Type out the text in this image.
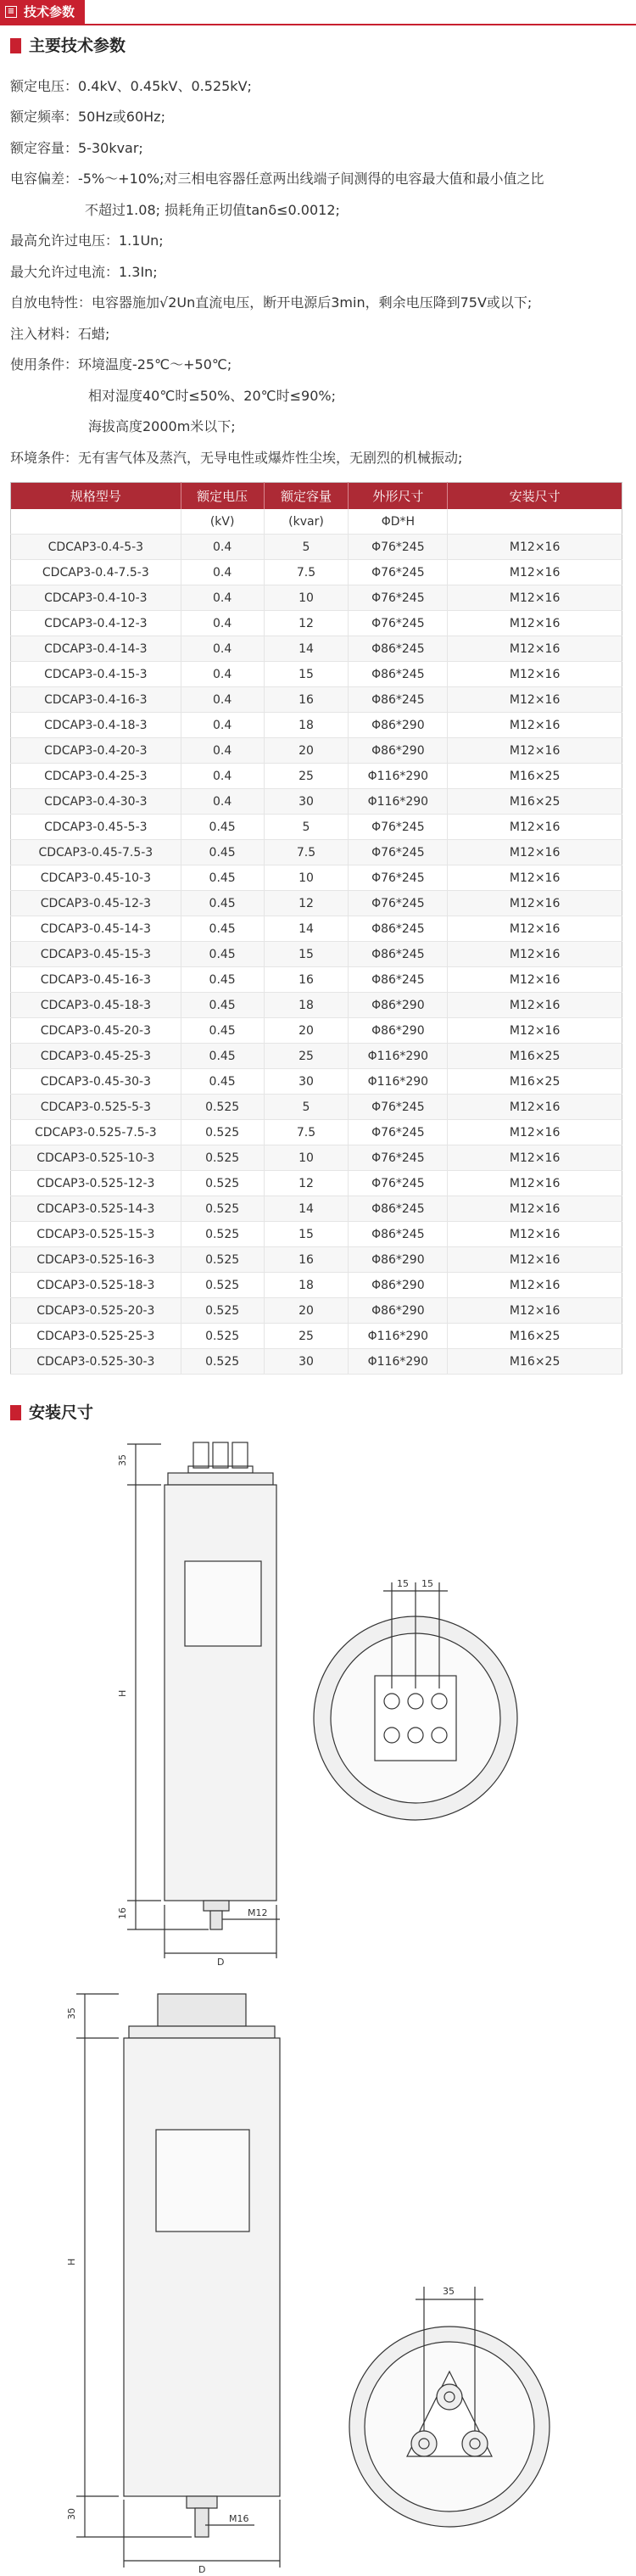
≡ 技术参数
主要技术参数
额定电压：0.4kV、0.45kV、0.525kV;
额定频率：50Hz或60Hz;
额定容量：5-30kvar;
电容偏差：-5%～+10%;对三相电容器任意两出线端子间测得的电容最大值和最小值之比
不超过1.08; 损耗角正切值tanδ≤0.0012;
最高允许过电压：1.1Un;
最大允许过电流：1.3In;
自放电特性：电容器施加√2Un直流电压，断开电源后3min，剩余电压降到75V或以下;
注入材料：石蜡;
使用条件：环境温度-25℃～+50℃;
相对湿度40℃时≤50%、20℃时≤90%;
海拔高度2000m米以下;
环境条件：无有害气体及蒸汽，无导电性或爆炸性尘埃，无剧烈的机械振动;
规格型号	额定电压	额定容量	外形尺寸	安装尺寸
	(kV)	(kvar)	ΦD*H	
CDCAP3-0.4-5-3	0.4	5	Φ76*245	M12×16
CDCAP3-0.4-7.5-3	0.4	7.5	Φ76*245	M12×16
CDCAP3-0.4-10-3	0.4	10	Φ76*245	M12×16
CDCAP3-0.4-12-3	0.4	12	Φ76*245	M12×16
CDCAP3-0.4-14-3	0.4	14	Φ86*245	M12×16
CDCAP3-0.4-15-3	0.4	15	Φ86*245	M12×16
CDCAP3-0.4-16-3	0.4	16	Φ86*245	M12×16
CDCAP3-0.4-18-3	0.4	18	Φ86*290	M12×16
CDCAP3-0.4-20-3	0.4	20	Φ86*290	M12×16
CDCAP3-0.4-25-3	0.4	25	Φ116*290	M16×25
CDCAP3-0.4-30-3	0.4	30	Φ116*290	M16×25
CDCAP3-0.45-5-3	0.45	5	Φ76*245	M12×16
CDCAP3-0.45-7.5-3	0.45	7.5	Φ76*245	M12×16
CDCAP3-0.45-10-3	0.45	10	Φ76*245	M12×16
CDCAP3-0.45-12-3	0.45	12	Φ76*245	M12×16
CDCAP3-0.45-14-3	0.45	14	Φ86*245	M12×16
CDCAP3-0.45-15-3	0.45	15	Φ86*245	M12×16
CDCAP3-0.45-16-3	0.45	16	Φ86*245	M12×16
CDCAP3-0.45-18-3	0.45	18	Φ86*290	M12×16
CDCAP3-0.45-20-3	0.45	20	Φ86*290	M12×16
CDCAP3-0.45-25-3	0.45	25	Φ116*290	M16×25
CDCAP3-0.45-30-3	0.45	30	Φ116*290	M16×25
CDCAP3-0.525-5-3	0.525	5	Φ76*245	M12×16
CDCAP3-0.525-7.5-3	0.525	7.5	Φ76*245	M12×16
CDCAP3-0.525-10-3	0.525	10	Φ76*245	M12×16
CDCAP3-0.525-12-3	0.525	12	Φ76*245	M12×16
CDCAP3-0.525-14-3	0.525	14	Φ86*245	M12×16
CDCAP3-0.525-15-3	0.525	15	Φ86*245	M12×16
CDCAP3-0.525-16-3	0.525	16	Φ86*290	M12×16
CDCAP3-0.525-18-3	0.525	18	Φ86*290	M12×16
CDCAP3-0.525-20-3	0.525	20	Φ86*290	M12×16
CDCAP3-0.525-25-3	0.525	25	Φ116*290	M16×25
CDCAP3-0.525-30-3	0.525	30	Φ116*290	M16×25
安装尺寸
35
H
16	M12
D
15 15
35
H
30	M16
D
35
